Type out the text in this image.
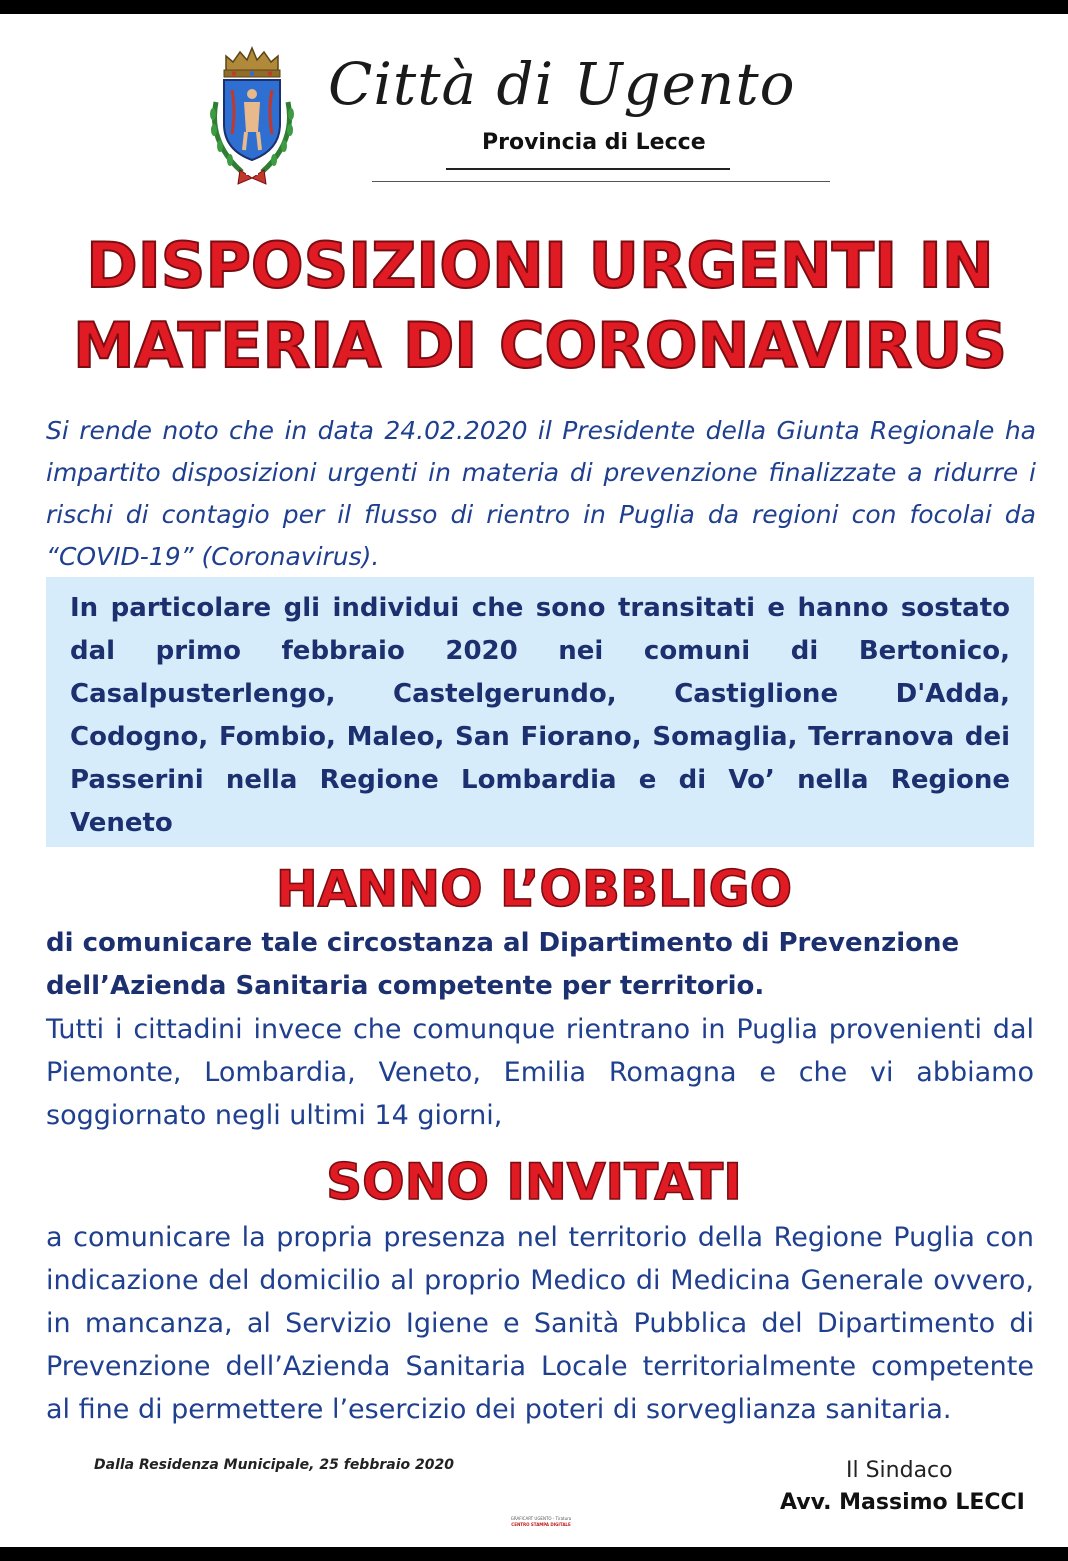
Città di Ugento
Provincia di Lecce
DISPOSIZIONI URGENTI IN
MATERIA DI CORONAVIRUS
Si rende noto che in data 24.02.2020 il Presidente della Giunta Regionale ha impartito disposizioni urgenti in materia di prevenzione finalizzate a ridurre i rischi di contagio per il flusso di rientro in Puglia da regioni con focolai da “COVID-19” (Coronavirus).

In particolare gli individui che sono transitati e hanno sostato dal primo febbraio 2020 nei comuni di Bertonico, Casalpusterlengo, Castelgerundo, Castiglione D'Adda, Codogno, Fombio, Maleo, San Fiorano, Somaglia, Terranova dei Passerini nella Regione Lombardia e di Vo’ nella Regione Veneto

HANNO L’OBBLIGO
di comunicare tale circostanza al Dipartimento di Prevenzione dell’Azienda Sanitaria competente per territorio.
Tutti i cittadini invece che comunque rientrano in Puglia provenienti dal Piemonte, Lombardia, Veneto, Emilia Romagna e che vi abbiamo soggiornato negli ultimi 14 giorni,
SONO INVITATI
a comunicare la propria presenza nel territorio della Regione Puglia con indicazione del domicilio al proprio Medico di Medicina Generale ovvero, in mancanza, al Servizio Igiene e Sanità Pubblica del Dipartimento di Prevenzione dell’Azienda Sanitaria Locale territorialmente competente al fine di permettere l’esercizio dei poteri di sorveglianza sanitaria.
Dalla Residenza Municipale, 25 febbraio 2020	Il Sindaco
Avv. Massimo LECCI
GRAFICART UGENTO - Tiratura
CENTRO STAMPA DIGITALE
